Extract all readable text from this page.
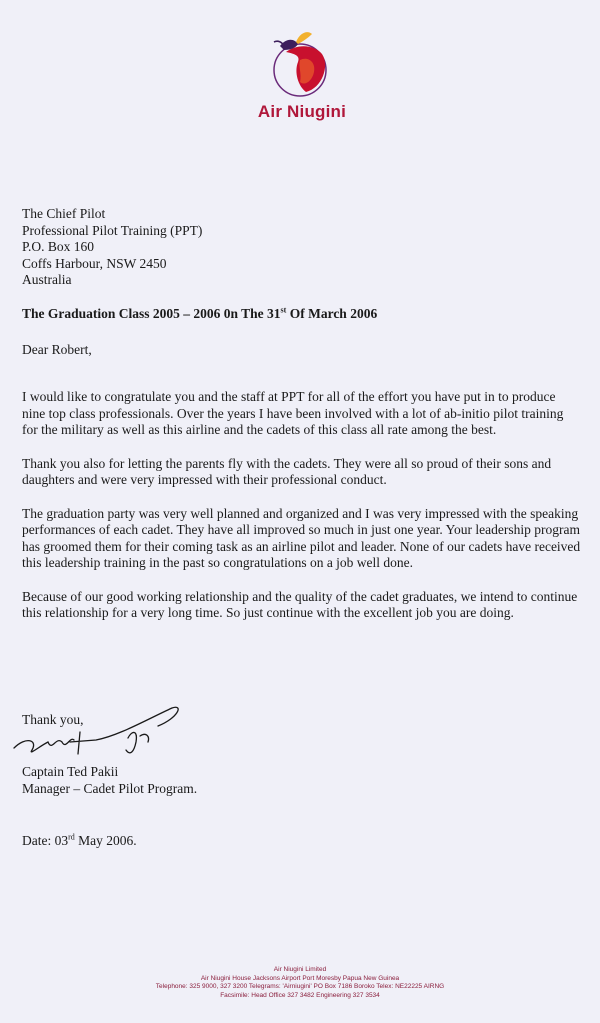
Air Niugini
The Chief Pilot
Professional Pilot Training (PPT)
P.O. Box 160
Coffs Harbour, NSW 2450
Australia
The Graduation Class 2005 – 2006 0n The 31st Of March 2006
Dear Robert,

I would like to congratulate you and the staff at PPT for all of the effort you have put in to produce nine top class professionals. Over the years I have been involved with a lot of ab-initio pilot training for the military as well as this airline and the cadets of this class all rate among the best.

Thank you also for letting the parents fly with the cadets. They were all so proud of their sons and daughters and were very impressed with their professional conduct.

The graduation party was very well planned and organized and I was very impressed with the speaking performances of each cadet. They have all improved so much in just one year. Your leadership program has groomed them for their coming task as an airline pilot and leader. None of our cadets have received this leadership training in the past so congratulations on a job well done.

Because of our good working relationship and the quality of the cadet graduates, we intend to continue this relationship for a very long time. So just continue with the excellent job you are doing.

Thank you,
Captain Ted Pakii
Manager – Cadet Pilot Program.
Date: 03rd May 2006.
Air Niugini Limited
Air Niugini House Jacksons Airport Port Moresby Papua New Guinea
Telephone: 325 9000, 327 3200 Telegrams: 'Airniugini' PO Box 7186 Boroko Telex: NE22225 AIRNG
Facsimile: Head Office 327 3482 Engineering 327 3534
